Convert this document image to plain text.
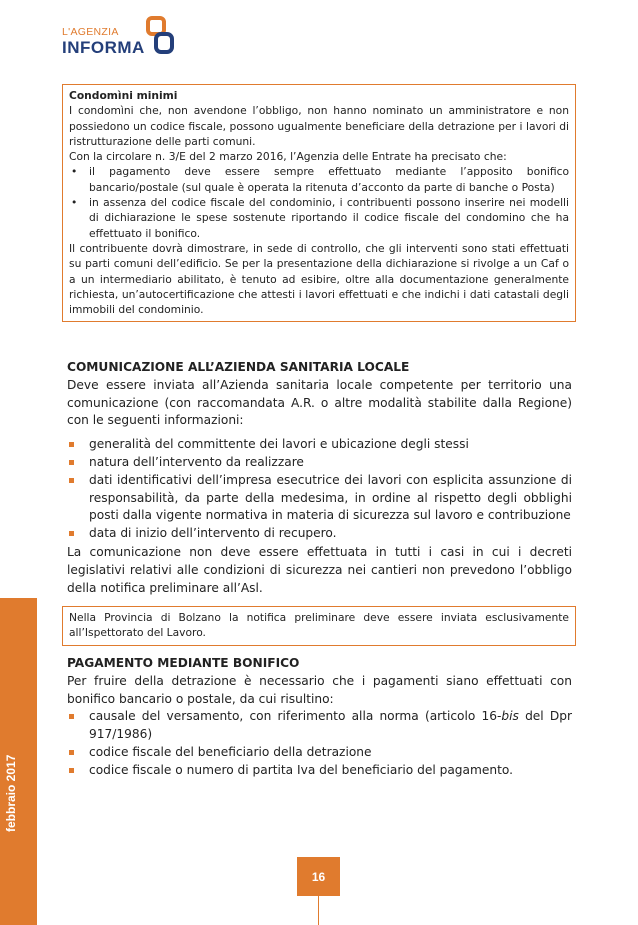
L'AGENZIA
INFORMA

Condomìni minimi

I condomìni che, non avendone l’obbligo, non hanno nominato un amministratore e non possiedono un codice fiscale, possono ugualmente beneficiare della detrazione per i lavori di ristrutturazione delle parti comuni.

Con la circolare n. 3/E del 2 marzo 2016, l’Agenzia delle Entrate ha precisato che:

• il pagamento deve essere sempre effettuato mediante l’apposito bonifico bancario/postale (sul quale è operata la ritenuta d’acconto da parte di banche o Posta)
• in assenza del codice fiscale del condominio, i contribuenti possono inserire nei modelli di dichiarazione le spese sostenute riportando il codice fiscale del condomino che ha effettuato il bonifico.

Il contribuente dovrà dimostrare, in sede di controllo, che gli interventi sono stati effettuati su parti comuni dell’edificio. Se per la presentazione della dichiarazione si rivolge a un Caf o a un intermediario abilitato, è tenuto ad esibire, oltre alla documentazione generalmente richiesta, un’autocertificazione che attesti i lavori effettuati e che indichi i dati catastali degli immobili del condominio.

COMUNICAZIONE ALL’AZIENDA SANITARIA LOCALE

Deve essere inviata all’Azienda sanitaria locale competente per territorio una comunicazione (con raccomandata A.R. o altre modalità stabilite dalla Regione) con le seguenti informazioni:

generalità del committente dei lavori e ubicazione degli stessi
natura dell’intervento da realizzare
dati identificativi dell’impresa esecutrice dei lavori con esplicita assunzione di responsabilità, da parte della medesima, in ordine al rispetto degli obblighi posti dalla vigente normativa in materia di sicurezza sul lavoro e contribuzione
data di inizio dell’intervento di recupero.

La comunicazione non deve essere effettuata in tutti i casi in cui i decreti legislativi relativi alle condizioni di sicurezza nei cantieri non prevedono l’obbligo della notifica preliminare all’Asl.

Nella Provincia di Bolzano la notifica preliminare deve essere inviata esclusivamente all’Ispettorato del Lavoro.

PAGAMENTO MEDIANTE BONIFICO

Per fruire della detrazione è necessario che i pagamenti siano effettuati con bonifico bancario o postale, da cui risultino:

causale del versamento, con riferimento alla norma (articolo 16-bis del Dpr 917/1986)
codice fiscale del beneficiario della detrazione
codice fiscale o numero di partita Iva del beneficiario del pagamento.
16
